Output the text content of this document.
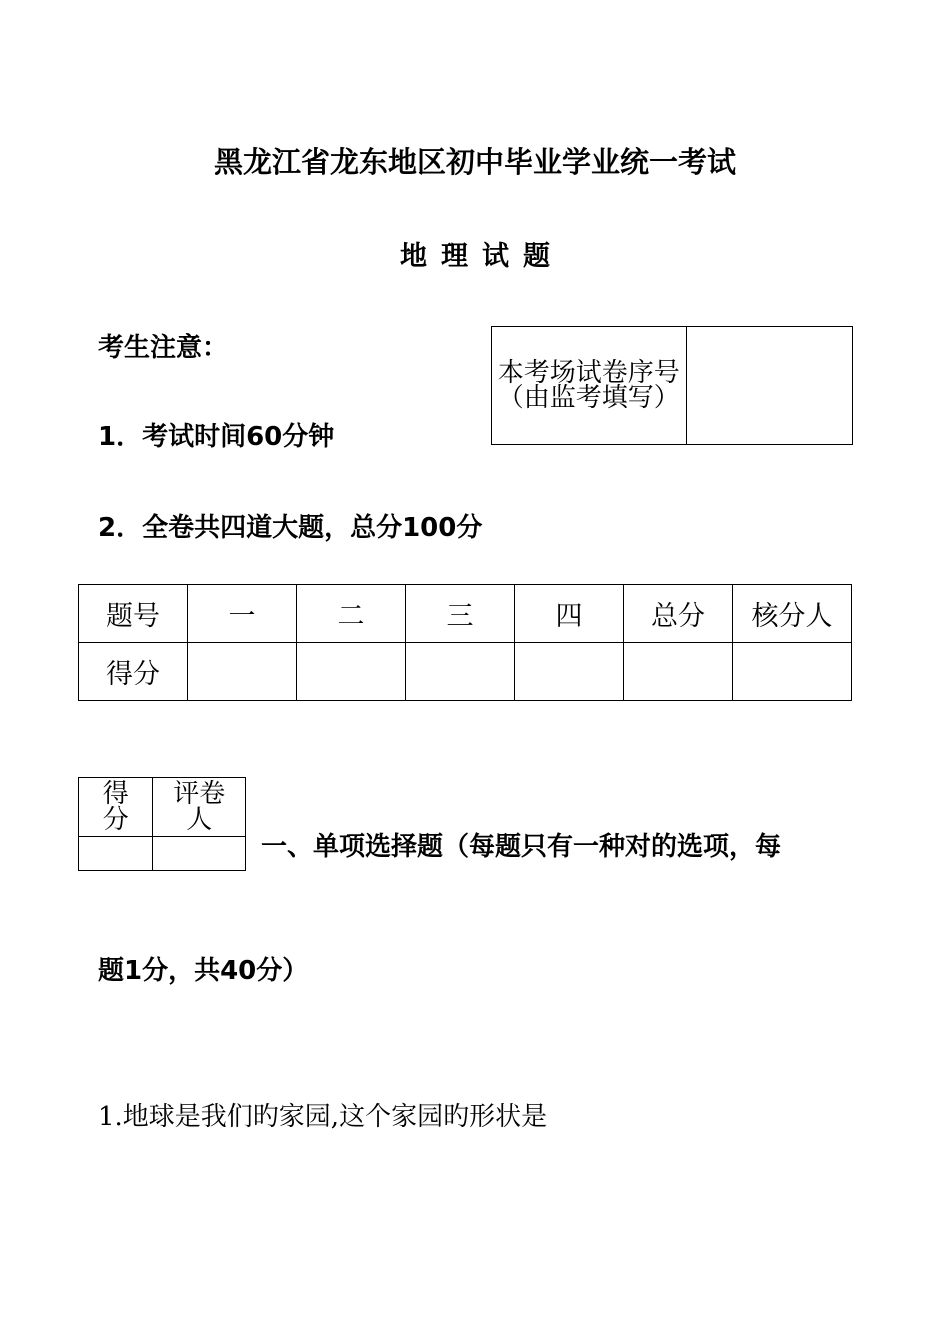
黑龙江省龙东地区初中毕业学业统一考试
地理试题
考生注意：
1．考试时间60分钟
2．全卷共四道大题，总分100分
本考场试卷序号
（由监考填写）

题号	一	二	三	四	总分	核分人
得分						
得分	评卷人

一、单项选择题（每题只有一种对的选项，每
题1分，共40分）
1.地球是我们旳家园,这个家园旳形状是
